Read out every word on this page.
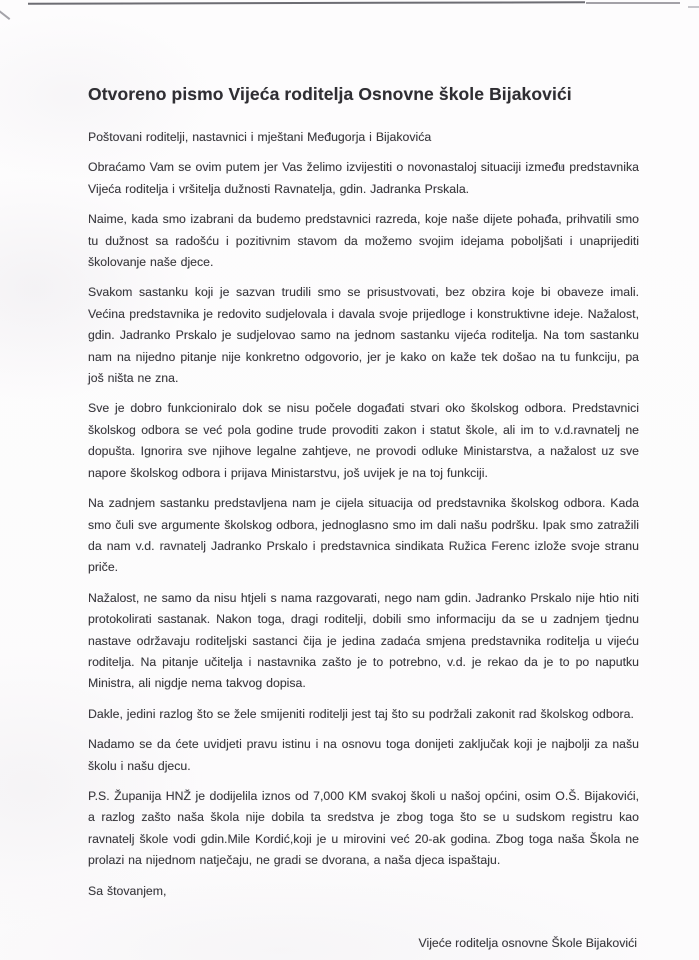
Otvoreno pismo Vijeća roditelja Osnovne škole Bijakovići

Poštovani roditelji, nastavnici i mještani Međugorja i Bijakovića

Obraćamo Vam se ovim putem jer Vas želimo izvijestiti o novonastaloj situaciji između predstavnika Vijeća roditelja i vršitelja dužnosti Ravnatelja, gdin. Jadranka Prskala.

Naime, kada smo izabrani da budemo predstavnici razreda, koje naše dijete pohađa, prihvatili smo tu dužnost sa radošću i pozitivnim stavom da možemo svojim idejama poboljšati i unaprijediti školovanje naše djece.

Svakom sastanku koji je sazvan trudili smo se prisustvovati, bez obzira koje bi obaveze imali. Većina predstavnika je redovito sudjelovala i davala svoje prijedloge i konstruktivne ideje. Nažalost, gdin. Jadranko Prskalo je sudjelovao samo na jednom sastanku vijeća roditelja. Na tom sastanku nam na nijedno pitanje nije konkretno odgovorio, jer je kako on kaže tek došao na tu funkciju, pa još ništa ne zna.

Sve je dobro funkcioniralo dok se nisu počele događati stvari oko školskog odbora. Predstavnici školskog odbora se već pola godine trude provoditi zakon i statut škole, ali im to v.d.ravnatelj ne dopušta. Ignorira sve njihove legalne zahtjeve, ne provodi odluke Ministarstva, a nažalost uz sve napore školskog odbora i prijava Ministarstvu, još uvijek je na toj funkciji.

Na zadnjem sastanku predstavljena nam je cijela situacija od predstavnika školskog odbora. Kada smo čuli sve argumente školskog odbora, jednoglasno smo im dali našu podršku. Ipak smo zatražili da nam v.d. ravnatelj Jadranko Prskalo i predstavnica sindikata Ružica Ferenc izlože svoje stranu priče.

Nažalost, ne samo da nisu htjeli s nama razgovarati, nego nam gdin. Jadranko Prskalo nije htio niti protokolirati sastanak. Nakon toga, dragi roditelji, dobili smo informaciju da se u zadnjem tjednu nastave održavaju roditeljski sastanci čija je jedina zadaća smjena predstavnika roditelja u vijeću roditelja. Na pitanje učitelja i nastavnika zašto je to potrebno, v.d. je rekao da je to po naputku Ministra, ali nigdje nema takvog dopisa.

Dakle, jedini razlog što se žele smijeniti roditelji jest taj što su podržali zakonit rad školskog odbora.

Nadamo se da ćete uvidjeti pravu istinu i na osnovu toga donijeti zaključak koji je najbolji za našu školu i našu djecu.

P.S. Županija HNŽ je dodijelila iznos od 7,000 KM svakoj školi u našoj općini, osim O.Š. Bijakovići, a razlog zašto naša škola nije dobila ta sredstva je zbog toga što se u sudskom registru kao ravnatelj škole vodi gdin.Mile Kordić,koji je u mirovini već 20-ak godina. Zbog toga naša Škola ne prolazi na nijednom natječaju, ne gradi se dvorana, a naša djeca ispaštaju.

Sa štovanjem,

Vijeće roditelja osnovne Škole Bijakovići
